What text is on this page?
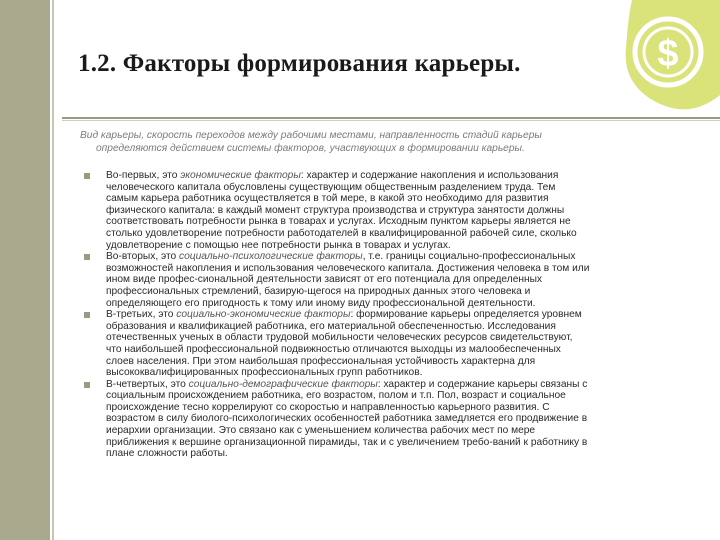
1.2. Факторы формирования карьеры.	$
Вид карьеры, скорость переходов между рабочими местами, направленность стадий карьеры
определяются действием системы факторов, участвующих в формировании карьеры.
Во-первых, это экономические факторы: характер и содержание накопления и использования
человеческого капитала обусловлены существующим общественным разделением труда. Тем
самым карьера работника осуществляется в той мере, в какой это необходимо для развития
физического капитала: в каждый момент структура производства и структура занятости должны
соответствовать потребности рынка в товарах и услугах. Исходным пунктом карьеры является не
столько удовлетворение потребности работодателей в квалифицированной рабочей силе, сколько
удовлетворение с помощью нее потребности рынка в товарах и услугах.
Во-вторых, это социально-психологические факторы, т.е. границы социально-профессиональных
возможностей накопления и использования человеческого капитала. Достижения человека в том или
ином виде профес-сиональной деятельности зависят от его потенциала для определенных
профессиональных стремлений, базирую-щегося на природных данных этого человека и
определяющего его пригодность к тому или иному виду профессиональной деятельности.
В-третьих, это социально-экономические факторы: формирование карьеры определяется уровнем
образования и квалификацией работника, его материальной обеспеченностью. Исследования
отечественных ученых в области трудовой мобильности человеческих ресурсов свидетельствуют,
что наибольшей профессиональной подвижностью отличаются выходцы из малообеспеченных
слоев населения. При этом наибольшая профессиональная устойчивость характерна для
высококвалифицированных профессиональных групп работников.
В-четвертых, это социально-демографические факторы: характер и содержание карьеры связаны с
социальным происхождением работника, его возрастом, полом и т.п. Пол, возраст и социальное
происхождение тесно коррелируют со скоростью и направленностью карьерного развития. С
возрастом в силу биолого-психологических особенностей работника замедляется его продвижение в
иерархии организации. Это связано как с уменьшением количества рабочих мест по мере
приближения к вершине организационной пирамиды, так и с увеличением требо-ваний к работнику в
плане сложности работы.
